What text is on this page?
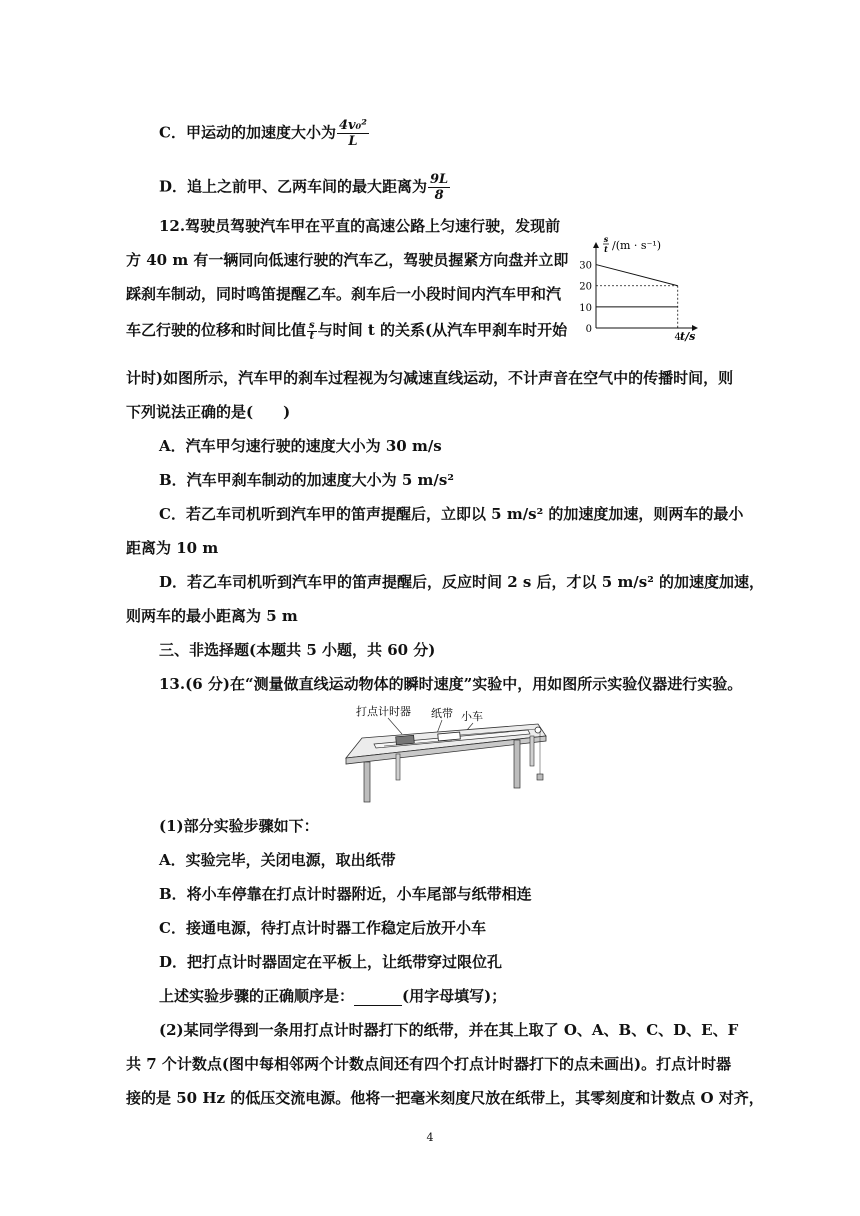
C．甲运动的加速度大小为 $\frac{\text{4v₀²}}{L}$
D．追上之前甲、乙两车间的最大距离为 $\frac{9L}{8}$
12.驾驶员驾驶汽车甲在平直的高速公路上匀速行驶，发现前
方 40 m 有一辆同向低速行驶的汽车乙，驾驶员握紧方向盘并立即
踩刹车制动，同时鸣笛提醒乙车。刹车后一小段时间内汽车甲和汽
车乙行驶的位移和时间比值 $\frac{s}{t}$ 与时间 t 的关系(从汽车甲刹车时开始
计时)如图所示，汽车甲的刹车过程视为匀减速直线运动，不计声音在空气中的传播时间，则
下列说法正确的是(　　)
s
t /(m · s⁻¹)
t/s
30
20
10
0
4
A．汽车甲匀速行驶的速度大小为 30 m/s
B．汽车甲刹车制动的加速度大小为 5 m/s²
C．若乙车司机听到汽车甲的笛声提醒后，立即以 5 m/s² 的加速度加速，则两车的最小
距离为 10 m
D．若乙车司机听到汽车甲的笛声提醒后，反应时间 2 s 后，才以 5 m/s² 的加速度加速，
则两车的最小距离为 5 m
三、非选择题(本题共 5 小题，共 60 分)
13.(6 分)在“测量做直线运动物体的瞬时速度”实验中，用如图所示实验仪器进行实验。
打点计时器 纸带 小车
(1)部分实验步骤如下：
A．实验完毕，关闭电源，取出纸带
B．将小车停靠在打点计时器附近，小车尾部与纸带相连
C．接通电源，待打点计时器工作稳定后放开小车
D．把打点计时器固定在平板上，让纸带穿过限位孔
上述实验步骤的正确顺序是：	(用字母填写)；
(2)某同学得到一条用打点计时器打下的纸带，并在其上取了 O、A、B、C、D、E、F
共 7 个计数点(图中每相邻两个计数点间还有四个打点计时器打下的点未画出)。打点计时器
接的是 50 Hz 的低压交流电源。他将一把毫米刻度尺放在纸带上，其零刻度和计数点 O 对齐，
4
